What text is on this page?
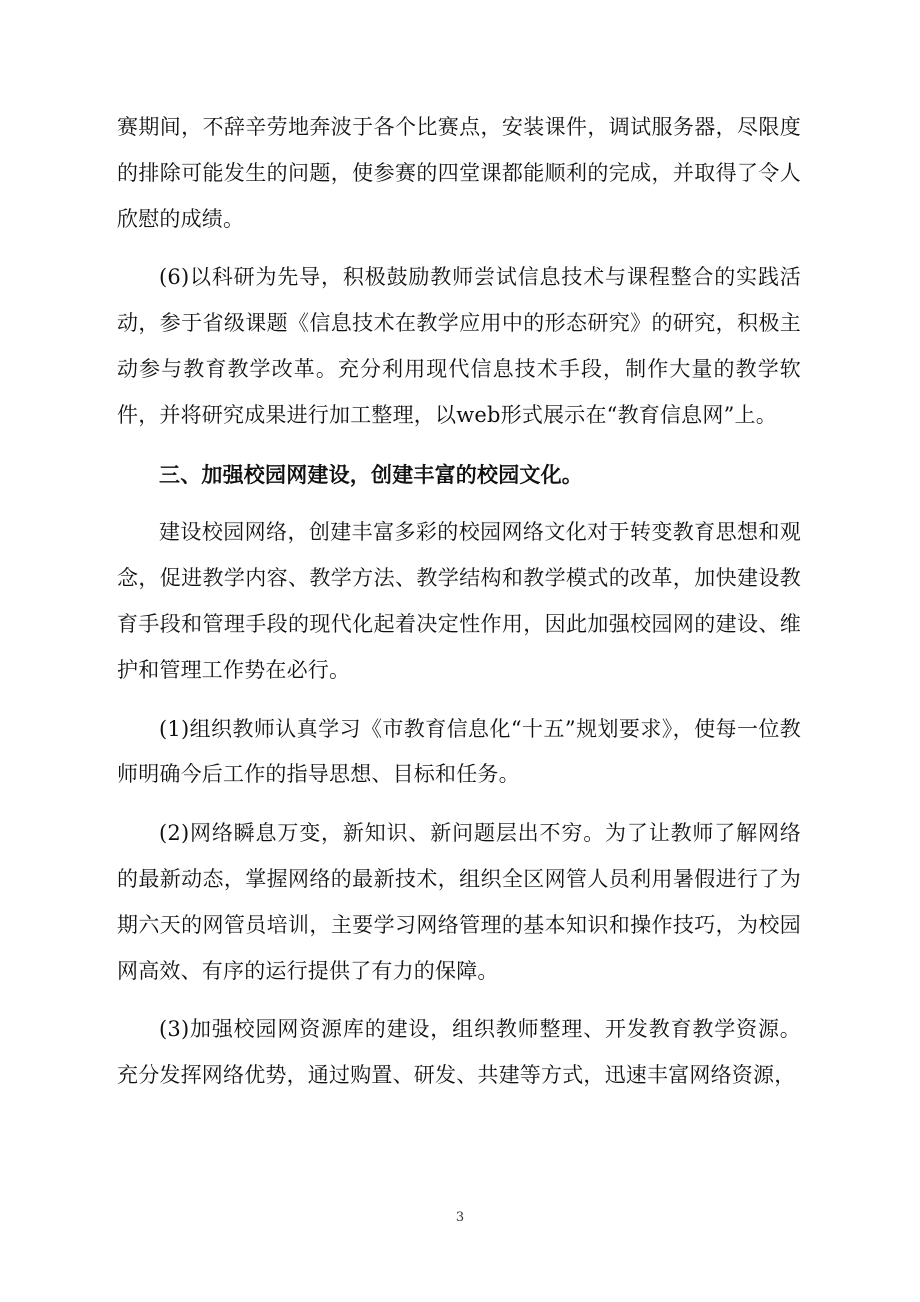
赛期间，不辞辛劳地奔波于各个比赛点，安装课件，调试服务器，尽限度的排除可能发生的问题，使参赛的四堂课都能顺利的完成，并取得了令人欣慰的成绩。

(6)以科研为先导，积极鼓励教师尝试信息技术与课程整合的实践活动，参于省级课题《信息技术在教学应用中的形态研究》的研究，积极主动参与教育教学改革。充分利用现代信息技术手段，制作大量的教学软件，并将研究成果进行加工整理，以web形式展示在“教育信息网”上。

三、加强校园网建设，创建丰富的校园文化。

建设校园网络，创建丰富多彩的校园网络文化对于转变教育思想和观念，促进教学内容、教学方法、教学结构和教学模式的改革，加快建设教育手段和管理手段的现代化起着决定性作用，因此加强校园网的建设、维护和管理工作势在必行。

(1)组织教师认真学习《市教育信息化“十五”规划要求》，使每一位教师明确今后工作的指导思想、目标和任务。

(2)网络瞬息万变，新知识、新问题层出不穷。为了让教师了解网络的最新动态，掌握网络的最新技术，组织全区网管人员利用暑假进行了为期六天的网管员培训，主要学习网络管理的基本知识和操作技巧，为校园网高效、有序的运行提供了有力的保障。

(3)加强校园网资源库的建设，组织教师整理、开发教育教学资源。充分发挥网络优势，通过购置、研发、共建等方式，迅速丰富网络资源，

3
